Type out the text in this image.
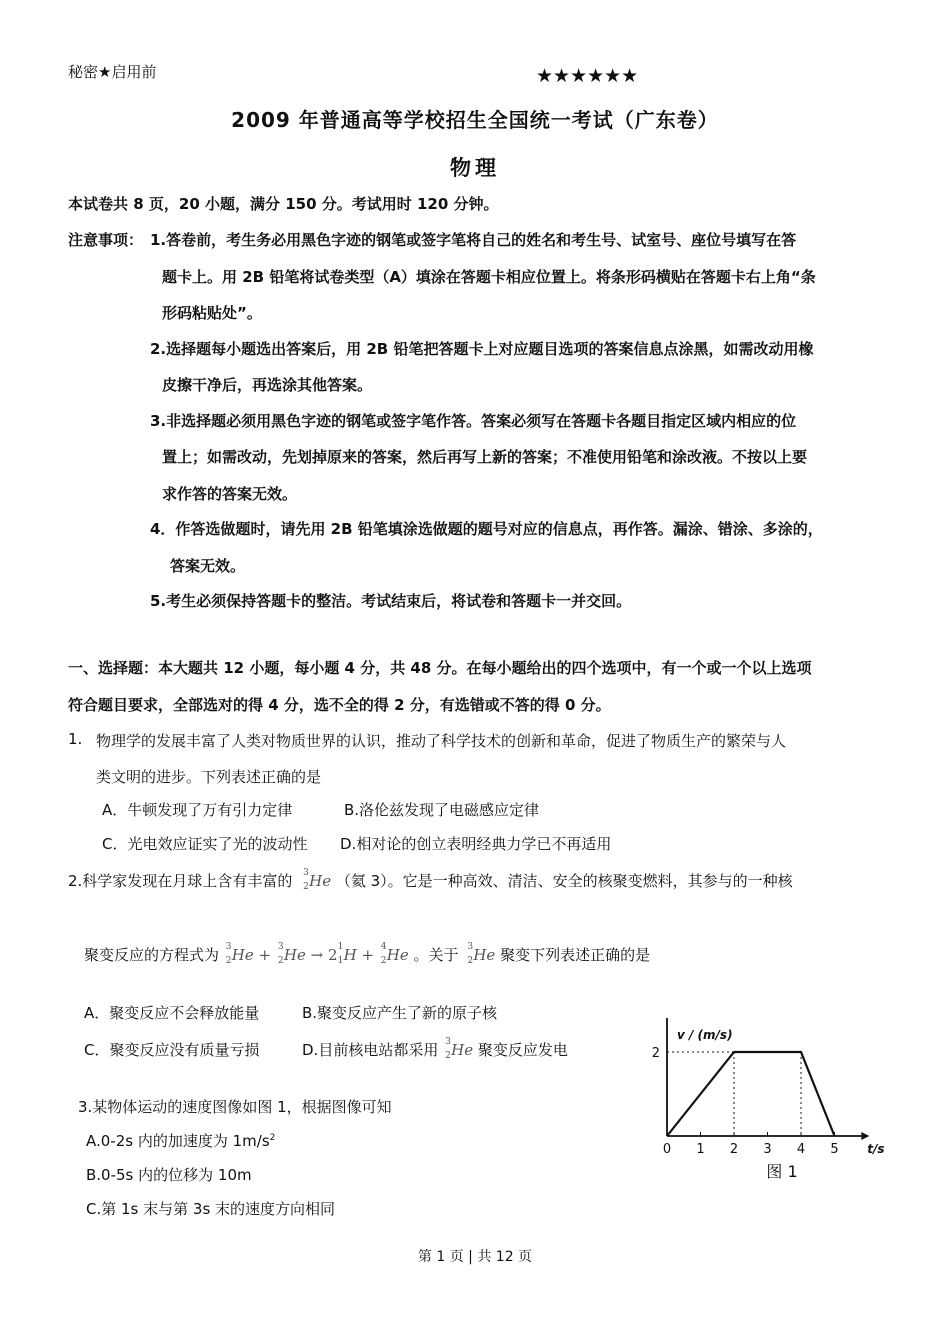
秘密★启用前	★★★★★★
2009 年普通高等学校招生全国统一考试（广东卷）
物理
本试卷共 8 页，20 小题，满分 150 分。考试用时 120 分钟。
注意事项： 1.答卷前，考生务必用黑色字迹的钢笔或签字笔将自己的姓名和考生号、试室号、座位号填写在答
题卡上。用 2B 铅笔将试卷类型（A）填涂在答题卡相应位置上。将条形码横贴在答题卡右上角“条
形码粘贴处”。
2.选择题每小题选出答案后，用 2B 铅笔把答题卡上对应题目选项的答案信息点涂黑，如需改动用橡
皮擦干净后，再选涂其他答案。
3.非选择题必须用黑色字迹的钢笔或签字笔作答。答案必须写在答题卡各题目指定区域内相应的位
置上；如需改动，先划掉原来的答案，然后再写上新的答案；不准使用铅笔和涂改液。不按以上要
求作答的答案无效。
4．作答选做题时，请先用 2B 铅笔填涂选做题的题号对应的信息点，再作答。漏涂、错涂、多涂的，
答案无效。
5.考生必须保持答题卡的整洁。考试结束后，将试卷和答题卡一并交回。
一、选择题：本大题共 12 小题，每小题 4 分，共 48 分。在每小题给出的四个选项中，有一个或一个以上选项
符合题目要求，全部选对的得 4 分，选不全的得 2 分，有选错或不答的得 0 分。
1. 物理学的发展丰富了人类对物质世界的认识，推动了科学技术的创新和革命，促进了物质生产的繁荣与人
类文明的进步。下列表述正确的是
A．牛顿发现了万有引力定律	B.洛伦兹发现了电磁感应定律
C．光电效应证实了光的波动性 D.相对论的创立表明经典力学已不再适用
2.科学家发现在月球上含有丰富的 3
2 He （氦 3）。它是一种高效、清洁、安全的核聚变燃料，其参与的一种核
聚变反应的方程式为 3
2 He + 3
2 He → 2 1
1 H + 4
2 He 。关于 3
2 He 聚变下列表述正确的是
A．聚变反应不会释放能量	B.聚变反应产生了新的原子核
C．聚变反应没有质量亏损	D.目前核电站都采用 3
2 He 聚变反应发电
3.某物体运动的速度图像如图 1，根据图像可知
A.0-2s 内的加速度为 $1m/s^2$
B.0-5s 内的位移为 10m
C.第 1s 末与第 3s 末的速度方向相同
0 1 2 3 4 5
2
v / (m/s)
t/s
图 1
第 1 页 | 共 12 页
